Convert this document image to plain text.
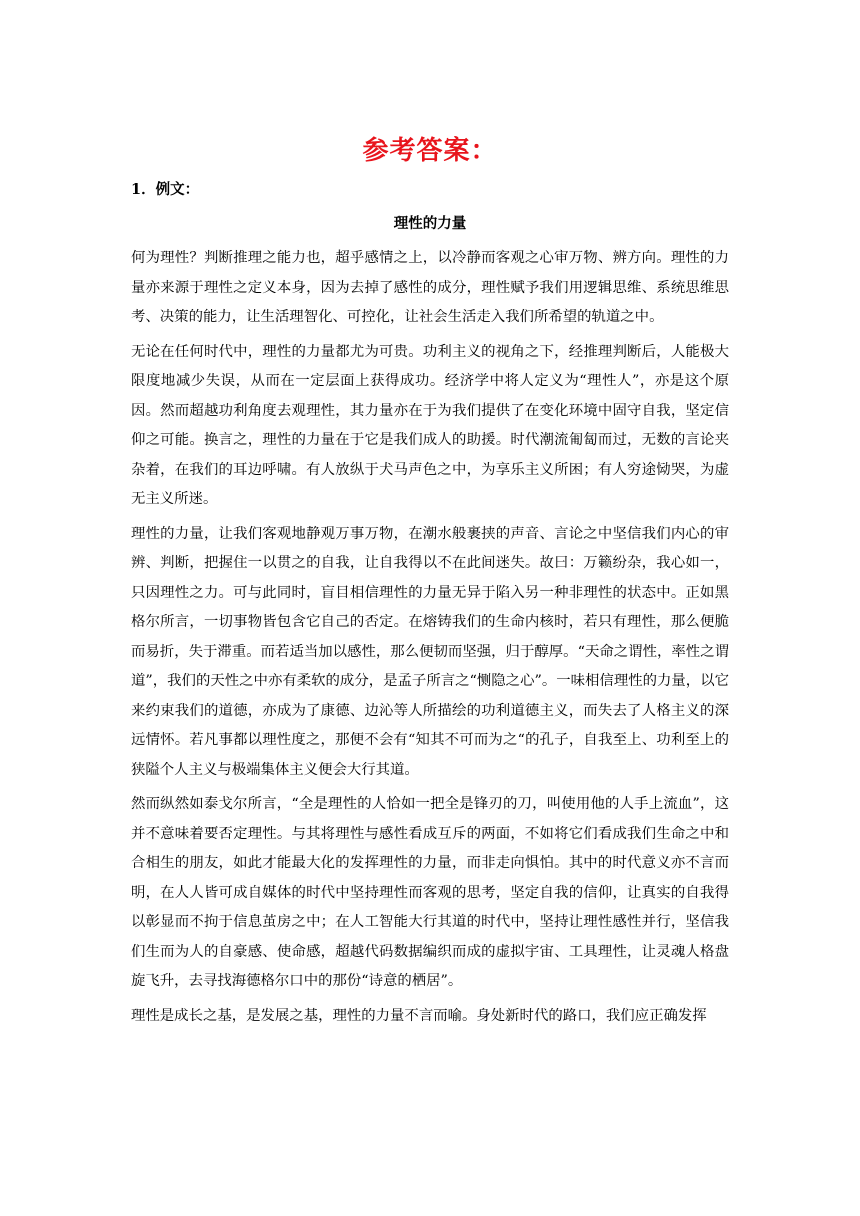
参考答案：
1．例文：
理性的力量

何为理性？判断推理之能力也，超乎感情之上，以冷静而客观之心审万物、辨方向。理性的力量亦来源于理性之定义本身，因为去掉了感性的成分，理性赋予我们用逻辑思维、系统思维思考、决策的能力，让生活理智化、可控化，让社会生活走入我们所希望的轨道之中。

无论在任何时代中，理性的力量都尤为可贵。功利主义的视角之下，经推理判断后，人能极大限度地减少失误，从而在一定层面上获得成功。经济学中将人定义为“理性人”，亦是这个原因。然而超越功利角度去观理性，其力量亦在于为我们提供了在变化环境中固守自我，坚定信仰之可能。换言之，理性的力量在于它是我们成人的助援。时代潮流匍匐而过，无数的言论夹杂着，在我们的耳边呼啸。有人放纵于犬马声色之中，为享乐主义所困；有人穷途恸哭，为虚无主义所迷。

理性的力量，让我们客观地静观万事万物，在潮水般裹挟的声音、言论之中坚信我们内心的审辨、判断，把握住一以贯之的自我，让自我得以不在此间迷失。故曰：万籁纷杂，我心如一，只因理性之力。可与此同时，盲目相信理性的力量无异于陷入另一种非理性的状态中。正如黑格尔所言，一切事物皆包含它自己的否定。在熔铸我们的生命内核时，若只有理性，那么便脆而易折，失于滞重。而若适当加以感性，那么便韧而坚强，归于醇厚。“天命之谓性，率性之谓道”，我们的天性之中亦有柔软的成分，是孟子所言之“恻隐之心”。一味相信理性的力量，以它来约束我们的道德，亦成为了康德、边沁等人所描绘的功利道德主义，而失去了人格主义的深远情怀。若凡事都以理性度之，那便不会有“知其不可而为之“的孔子，自我至上、功利至上的狭隘个人主义与极端集体主义便会大行其道。

然而纵然如泰戈尔所言，“全是理性的人恰如一把全是锋刃的刀，叫使用他的人手上流血”，这并不意味着要否定理性。与其将理性与感性看成互斥的两面，不如将它们看成我们生命之中和合相生的朋友，如此才能最大化的发挥理性的力量，而非走向惧怕。其中的时代意义亦不言而明，在人人皆可成自媒体的时代中坚持理性而客观的思考，坚定自我的信仰，让真实的自我得以彰显而不拘于信息茧房之中；在人工智能大行其道的时代中，坚持让理性感性并行，坚信我们生而为人的自豪感、使命感，超越代码数据编织而成的虚拟宇宙、工具理性，让灵魂人格盘旋飞升，去寻找海德格尔口中的那份“诗意的栖居”。

理性是成长之基，是发展之基，理性的力量不言而喻。身处新时代的路口，我们应正确发挥
